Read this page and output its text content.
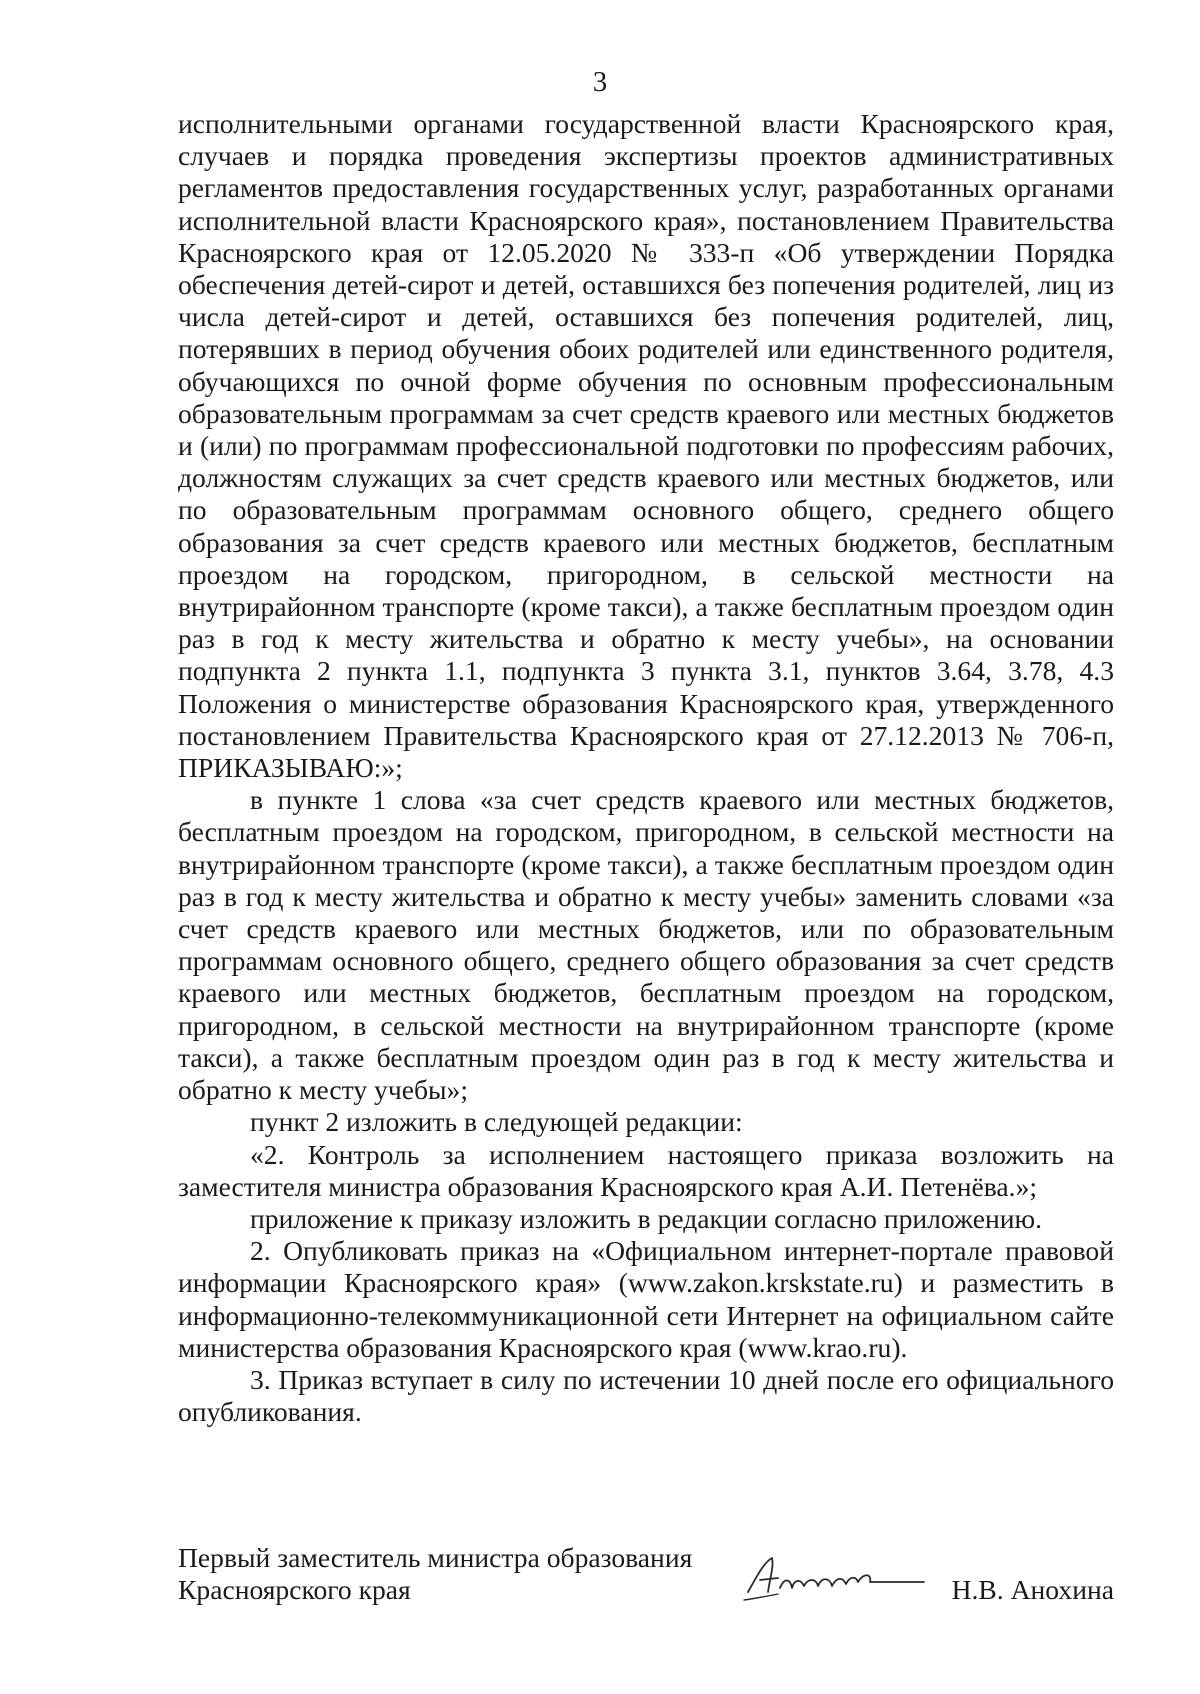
3

исполнительными органами государственной власти Красноярского края, случаев и порядка проведения экспертизы проектов административных регламентов предоставления государственных услуг, разработанных органами исполнительной власти Красноярского края», постановлением Правительства Красноярского края от 12.05.2020 № 333-п «Об утверждении Порядка обеспечения детей-сирот и детей, оставшихся без попечения родителей, лиц из числа детей-сирот и детей, оставшихся без попечения родителей, лиц, потерявших в период обучения обоих родителей или единственного родителя, обучающихся по очной форме обучения по основным профессиональным образовательным программам за счет средств краевого или местных бюджетов и (или) по программам профессиональной подготовки по профессиям рабочих, должностям служащих за счет средств краевого или местных бюджетов, или по образовательным программам основного общего, среднего общего образования за счет средств краевого или местных бюджетов, бесплатным проездом на городском, пригородном, в сельской местности на внутрирайонном транспорте (кроме такси), а также бесплатным проездом один раз в год к месту жительства и обратно к месту учебы», на основании подпункта 2 пункта 1.1, подпункта 3 пункта 3.1, пунктов 3.64, 3.78, 4.3 Положения о министерстве образования Красноярского края, утвержденного постановлением Правительства Красноярского края от 27.12.2013 № 706-п, ПРИКАЗЫВАЮ:»;

в пункте 1 слова «за счет средств краевого или местных бюджетов, бесплатным проездом на городском, пригородном, в сельской местности на внутрирайонном транспорте (кроме такси), а также бесплатным проездом один раз в год к месту жительства и обратно к месту учебы» заменить словами «за счет средств краевого или местных бюджетов, или по образовательным программам основного общего, среднего общего образования за счет средств краевого или местных бюджетов, бесплатным проездом на городском, пригородном, в сельской местности на внутрирайонном транспорте (кроме такси), а также бесплатным проездом один раз в год к месту жительства и обратно к месту учебы»;

пункт 2 изложить в следующей редакции:

«2. Контроль за исполнением настоящего приказа возложить на заместителя министра образования Красноярского края А.И. Петенёва.»;

приложение к приказу изложить в редакции согласно приложению.

2. Опубликовать приказ на «Официальном интернет-портале правовой информации Красноярского края» (www.zakon.krskstate.ru) и разместить в информационно-телекоммуникационной сети Интернет на официальном сайте министерства образования Красноярского края (www.krao.ru).

3. Приказ вступает в силу по истечении 10 дней после его официального опубликования.

Первый заместитель министра образования
Красноярского края	Н.В. Анохина
